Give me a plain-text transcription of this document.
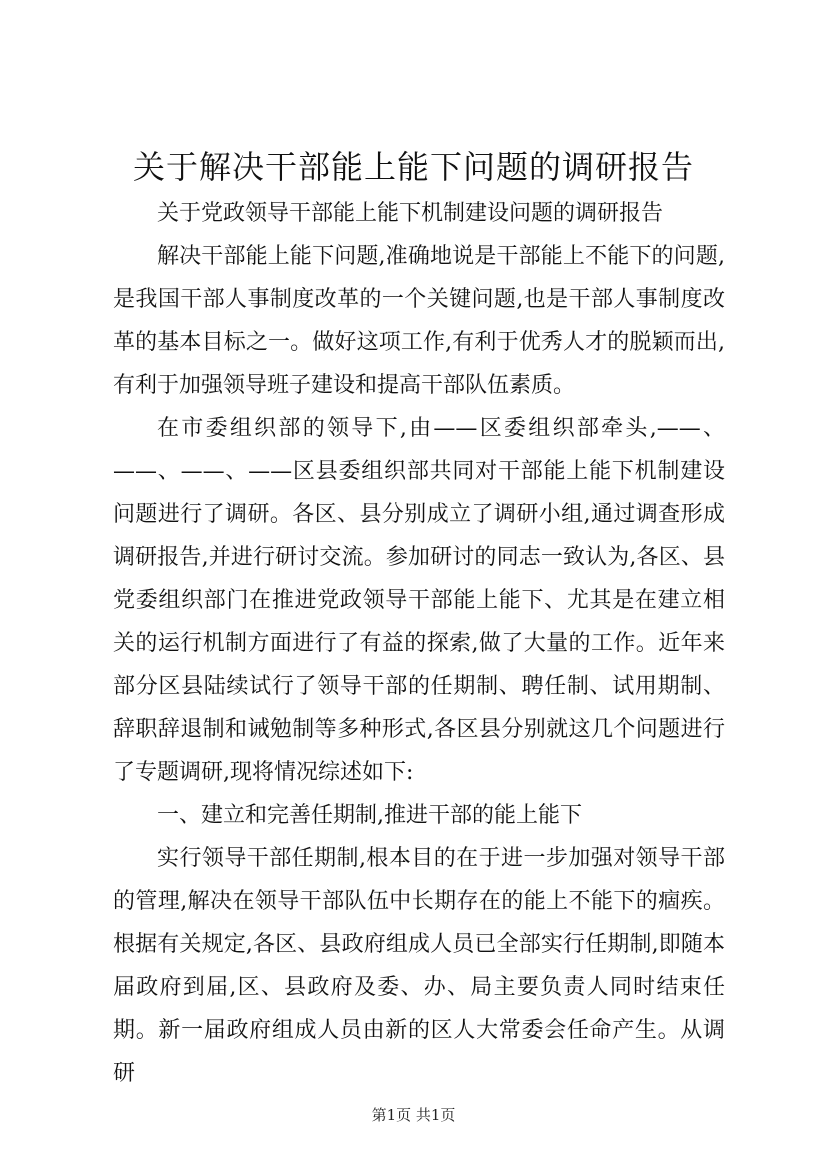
关于解决干部能上能下问题的调研报告

关于党政领导干部能上能下机制建设问题的调研报告

解决干部能上能下问题,准确地说是干部能上不能下的问题,是我国干部人事制度改革的一个关键问题,也是干部人事制度改革的基本目标之一。做好这项工作,有利于优秀人才的脱颖而出,有利于加强领导班子建设和提高干部队伍素质。

在市委组织部的领导下,由——区委组织部牵头,——、——、——、——区县委组织部共同对干部能上能下机制建设问题进行了调研。各区、县分别成立了调研小组,通过调查形成调研报告,并进行研讨交流。参加研讨的同志一致认为,各区、县党委组织部门在推进党政领导干部能上能下、尤其是在建立相关的运行机制方面进行了有益的探索,做了大量的工作。近年来部分区县陆续试行了领导干部的任期制、聘任制、试用期制、辞职辞退制和诫勉制等多种形式,各区县分别就这几个问题进行了专题调研,现将情况综述如下:

一、建立和完善任期制,推进干部的能上能下

实行领导干部任期制,根本目的在于进一步加强对领导干部的管理,解决在领导干部队伍中长期存在的能上不能下的痼疾。根据有关规定,各区、县政府组成人员已全部实行任期制,即随本届政府到届,区、县政府及委、办、局主要负责人同时结束任期。新一届政府组成人员由新的区人大常委会任命产生。从调研

第1页 共1页
